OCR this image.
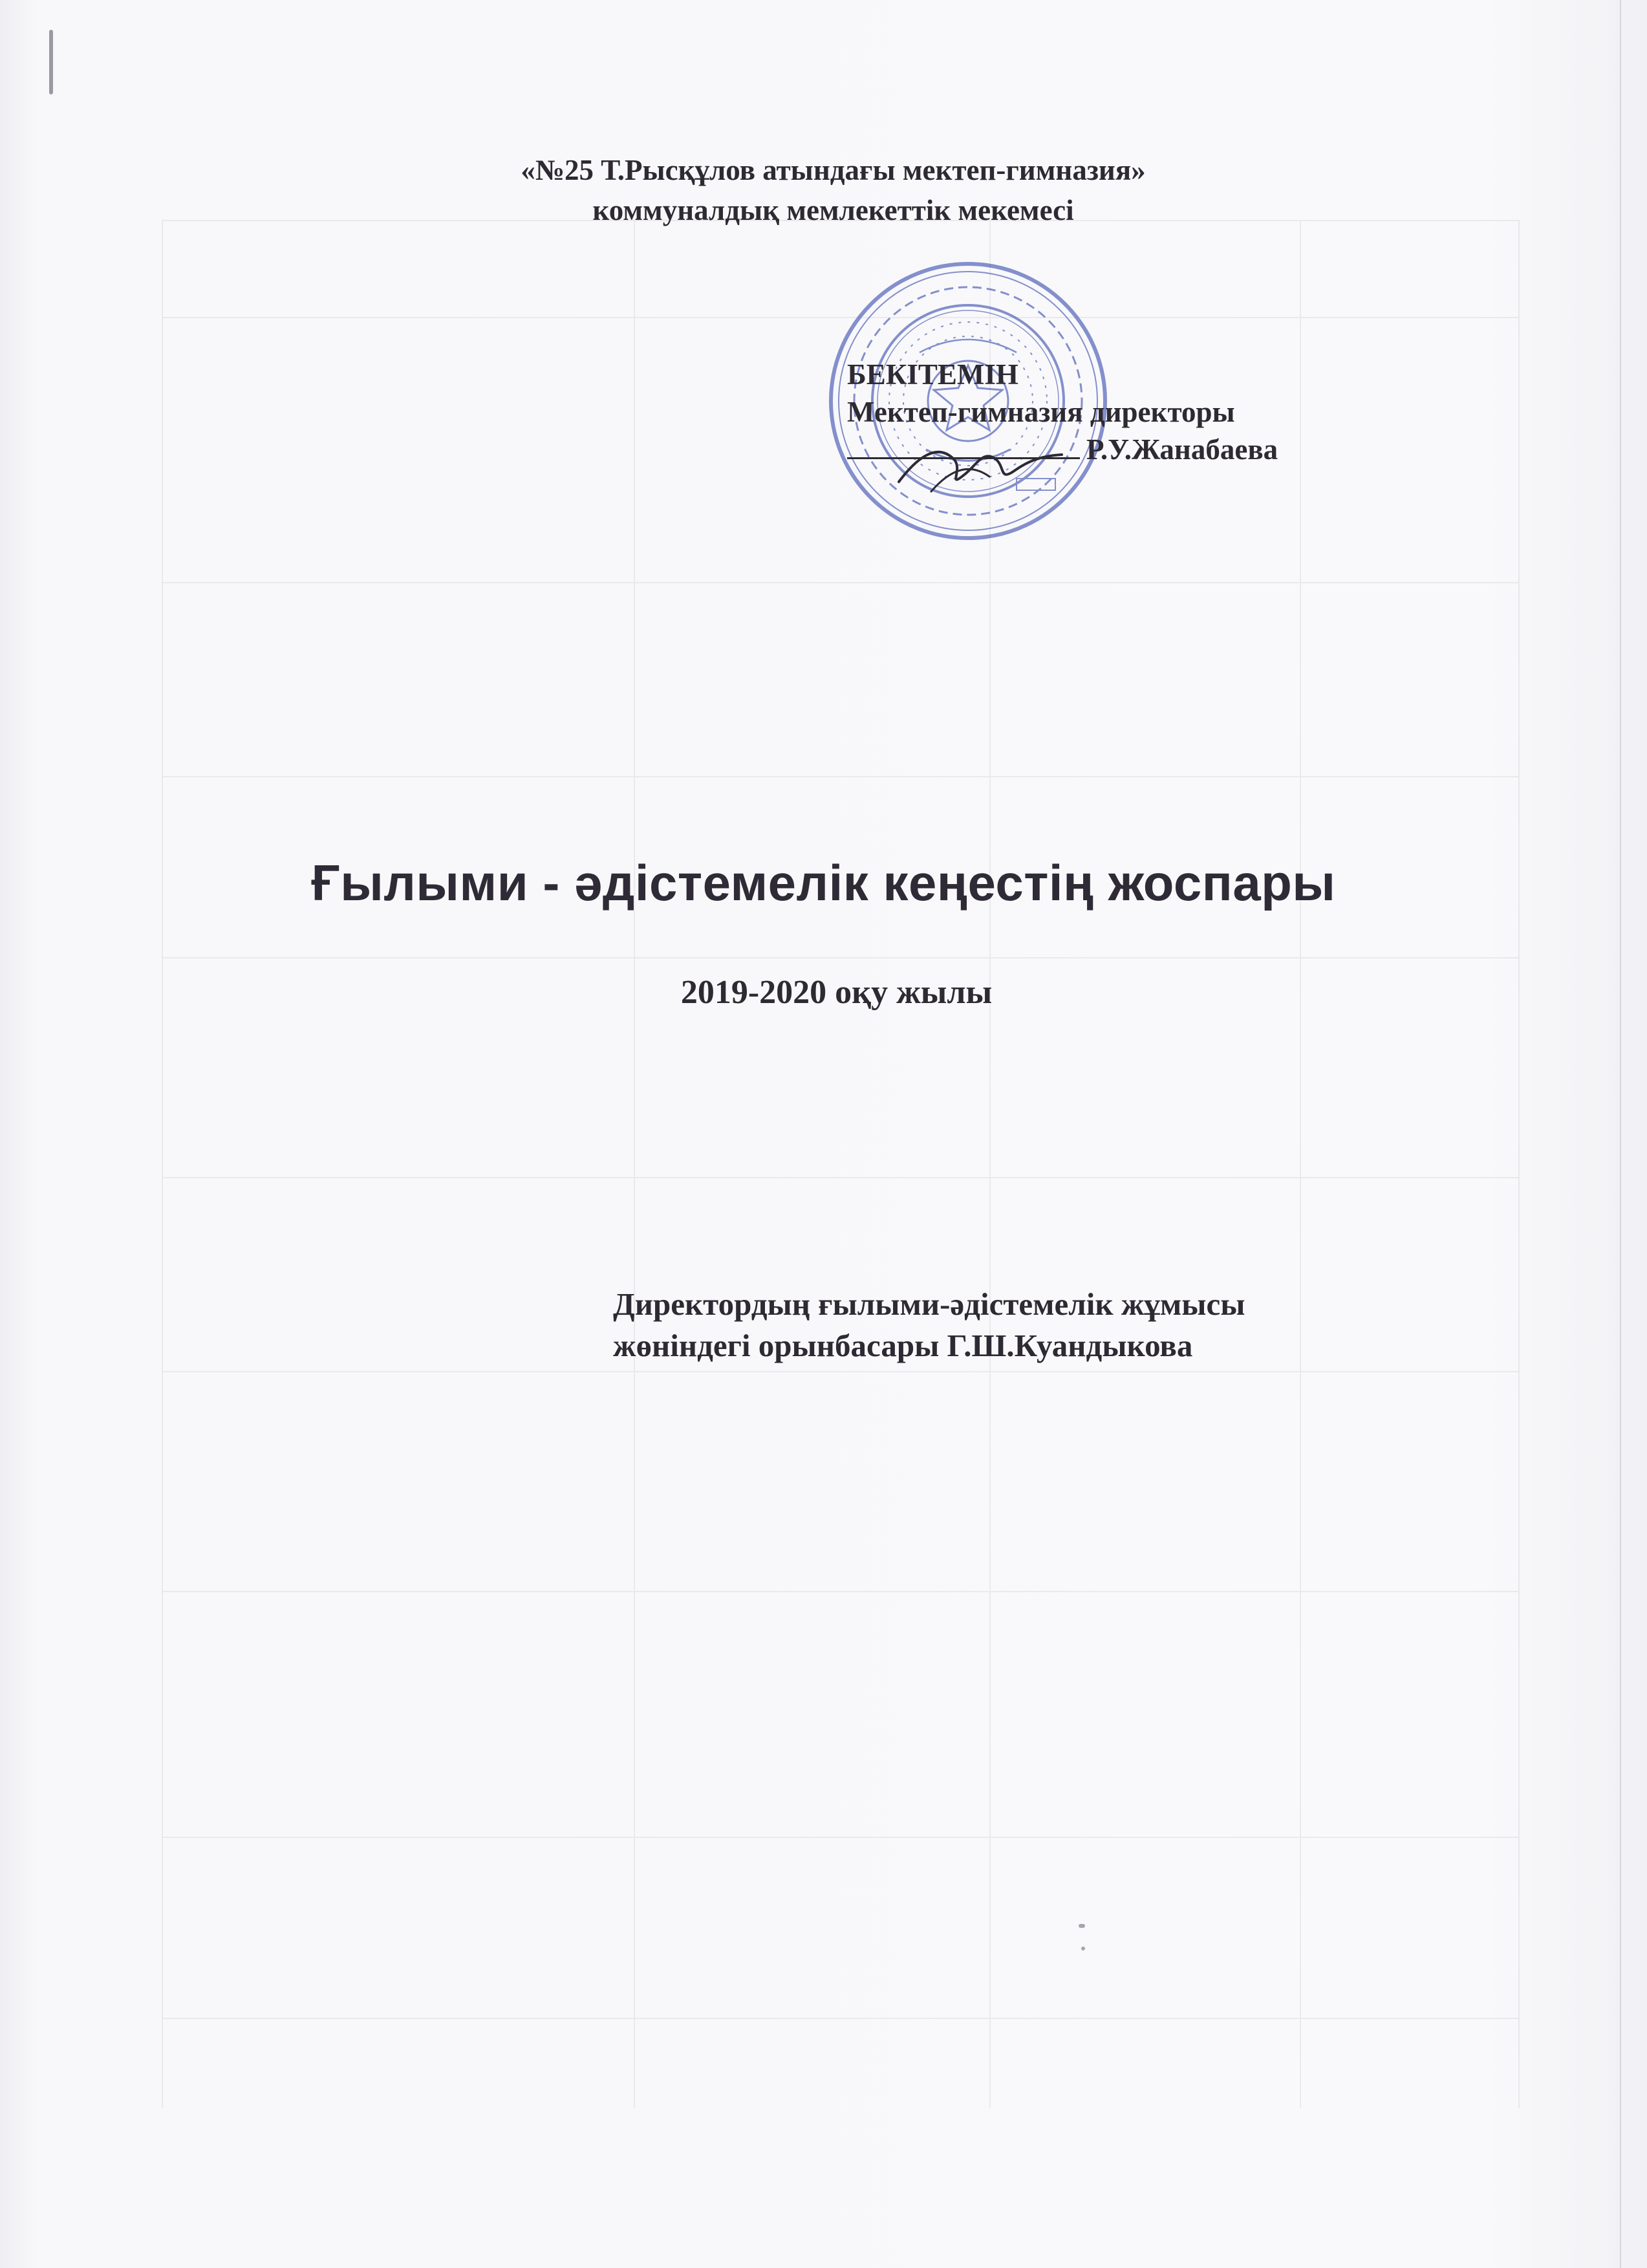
«№25 Т.Рысқұлов атындағы мектеп-гимназия»
коммуналдық мемлекеттік мекемесі
БЕКІТЕМІН
Мектеп-гимназия директоры
Р.У.Жанабаева
Ғылыми - әдістемелік кеңестің жоспары
2019-2020 оқу жылы
Директордың ғылыми-әдістемелік жұмысы
жөніндегі орынбасары Г.Ш.Куандыкова
